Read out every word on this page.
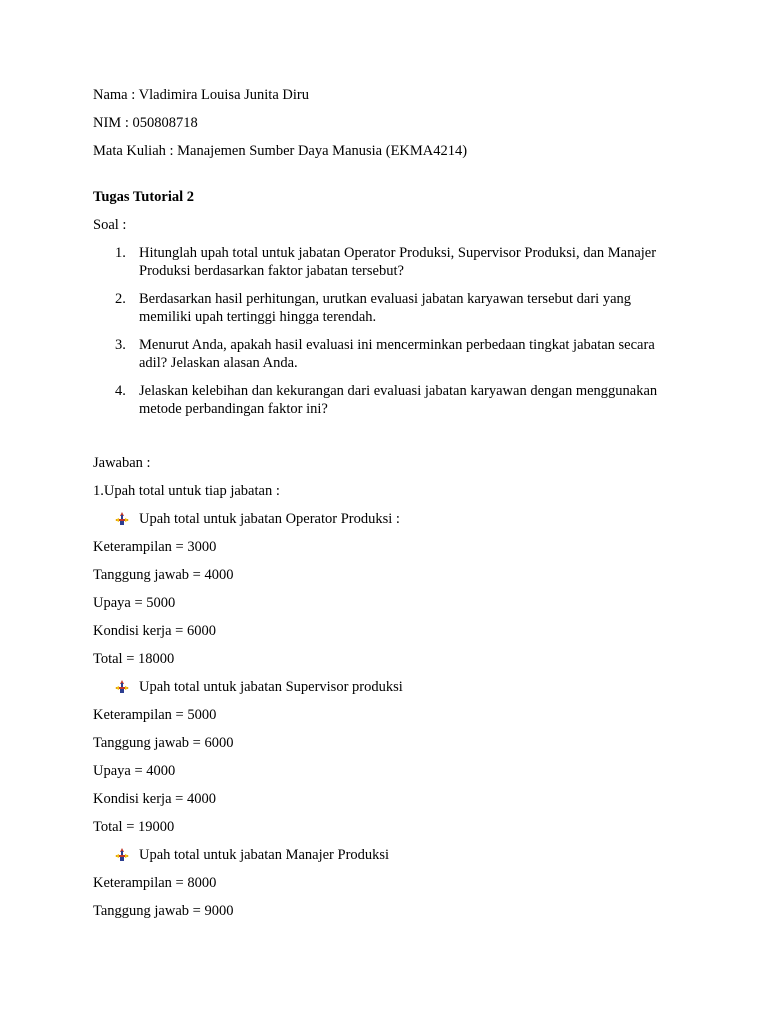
Nama : Vladimira Louisa Junita Diru

NIM : 050808718

Mata Kuliah : Manajemen Sumber Daya Manusia (EKMA4214)

Tugas Tutorial 2

Soal :

1. Hitunglah upah total untuk jabatan Operator Produksi, Supervisor Produksi, dan Manajer Produksi berdasarkan faktor jabatan tersebut?
2. Berdasarkan hasil perhitungan, urutkan evaluasi jabatan karyawan tersebut dari yang memiliki upah tertinggi hingga terendah.
3. Menurut Anda, apakah hasil evaluasi ini mencerminkan perbedaan tingkat jabatan secara adil? Jelaskan alasan Anda.
4. Jelaskan kelebihan dan kekurangan dari evaluasi jabatan karyawan dengan menggunakan metode perbandingan faktor ini?

Jawaban :

1.Upah total untuk tiap jabatan :

Upah total untuk jabatan Operator Produksi :

Keterampilan = 3000

Tanggung jawab = 4000

Upaya = 5000

Kondisi kerja = 6000

Total = 18000

Upah total untuk jabatan Supervisor produksi

Keterampilan = 5000

Tanggung jawab = 6000

Upaya = 4000

Kondisi kerja = 4000

Total = 19000

Upah total untuk jabatan Manajer Produksi

Keterampilan = 8000

Tanggung jawab = 9000
